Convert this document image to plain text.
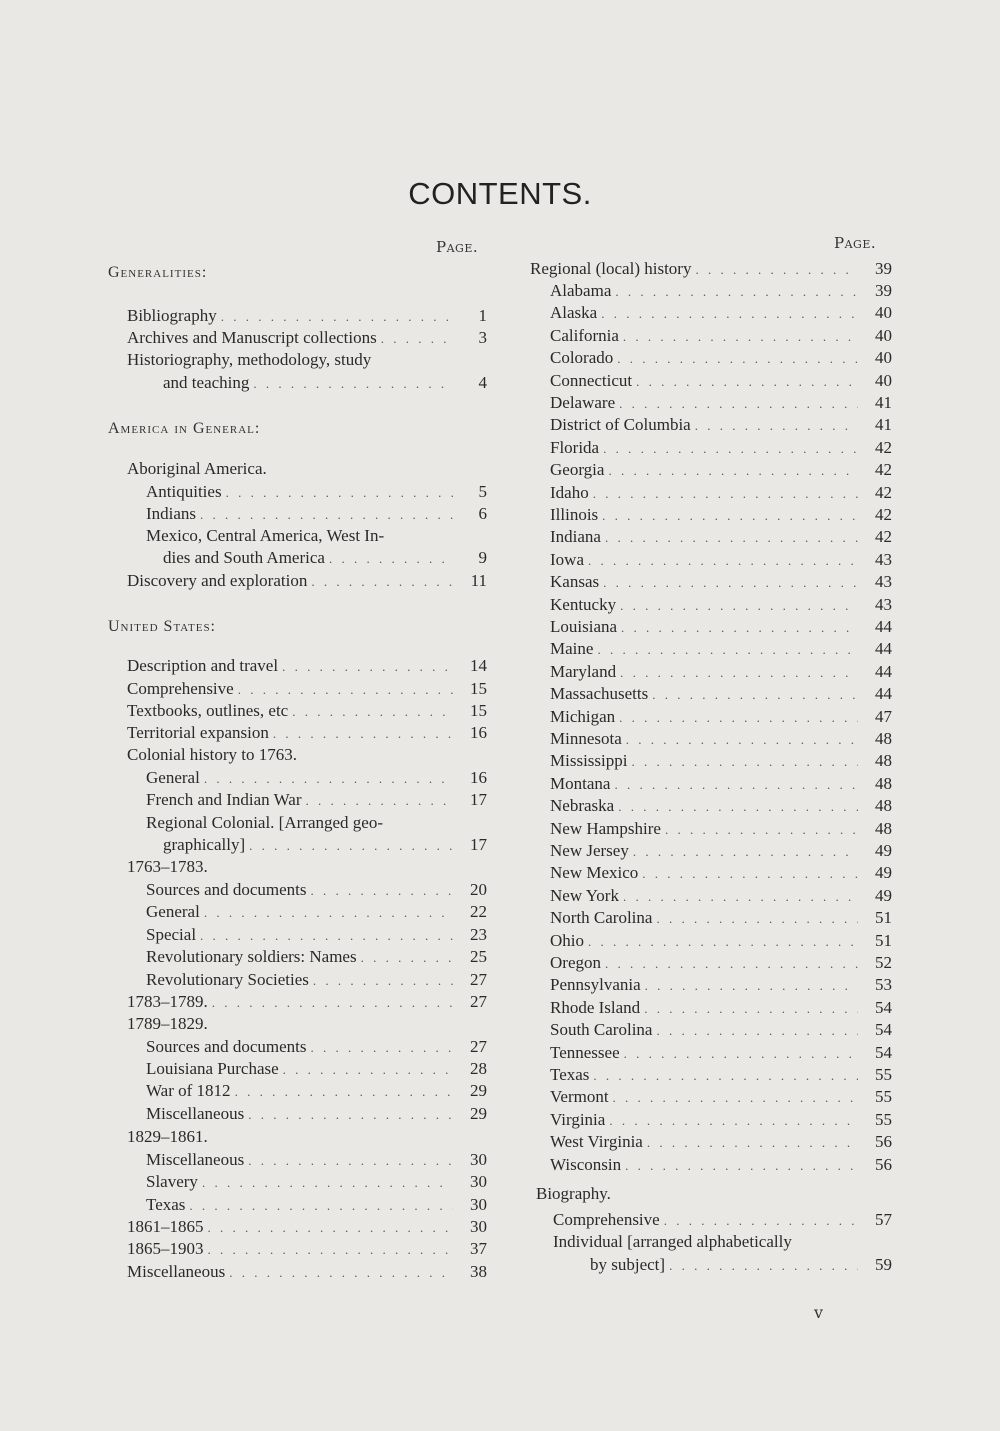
CONTENTS.
Page.
Generalities:
Bibliography . . .	1
Archives and Manuscript collections . . .	3
Historiography, methodology, study
and teaching . . .	4
America in General:
Aboriginal America.
Antiquities . . .	5
Indians . . .	6
Mexico, Central America, West In-
dies and South America . . .	9
Discovery and exploration . . .	11
United States:
Description and travel . . .	14
Comprehensive . . .	15
Textbooks, outlines, etc . . .	15
Territorial expansion . . .	16
Colonial history to 1763.
General . . .	16
French and Indian War . . .	17
Regional Colonial. [Arranged geo-
graphically] . . .	17
1763–1783.
Sources and documents . . .	20
General . . .	22
Special . . .	23
Revolutionary soldiers: Names . . .	25
Revolutionary Societies . . .	27
1783–1789. . . .	27
1789–1829.
Sources and documents . . .	27
Louisiana Purchase . . .	28
War of 1812 . . .	29
Miscellaneous . . .	29
1829–1861.
Miscellaneous . . .	30
Slavery . . .	30
Texas . . .	30
1861–1865 . . .	30
1865–1903 . . .	37
Miscellaneous . . .	38
Page.
Regional (local) history . . .	39
Alabama . . .	39
Alaska . . .	40
California . . .	40
Colorado . . .	40
Connecticut . . .	40
Delaware . . .	41
District of Columbia . . .	41
Florida . . .	42
Georgia . . .	42
Idaho . . .	42
Illinois . . .	42
Indiana . . .	42
Iowa . . .	43
Kansas . . .	43
Kentucky . . .	43
Louisiana . . .	44
Maine . . .	44
Maryland . . .	44
Massachusetts . . .	44
Michigan . . .	47
Minnesota . . .	48
Mississippi . . .	48
Montana . . .	48
Nebraska . . .	48
New Hampshire . . .	48
New Jersey . . .	49
New Mexico . . .	49
New York . . .	49
North Carolina . . .	51
Ohio . . .	51
Oregon . . .	52
Pennsylvania . . .	53
Rhode Island . . .	54
South Carolina . . .	54
Tennessee . . .	54
Texas . . .	55
Vermont . . .	55
Virginia . . .	55
West Virginia . . .	56
Wisconsin . . .	56
Biography.
Comprehensive . . .	57
Individual [arranged alphabetically
by subject] . . .	59
v
